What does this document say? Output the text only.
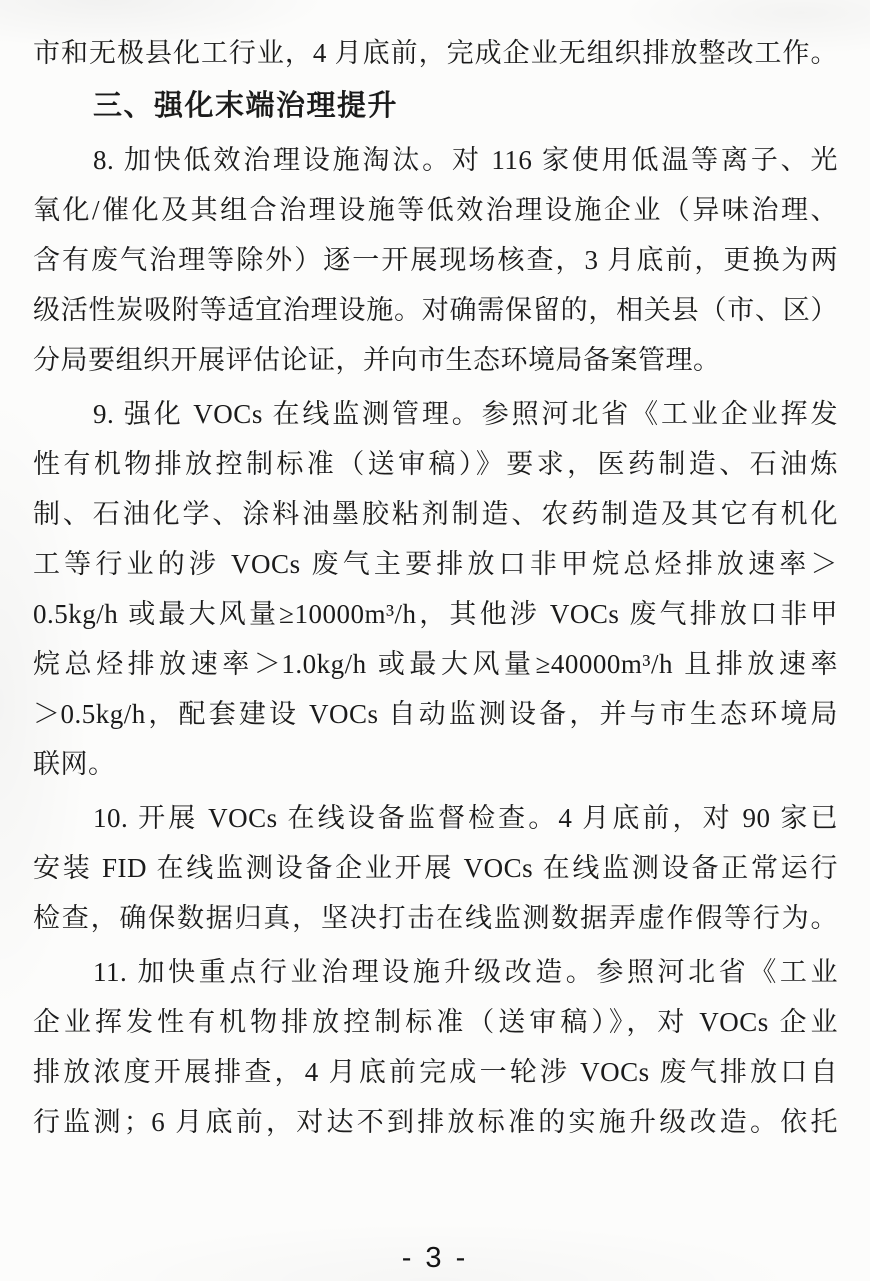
市和无极县化工行业，4 月底前，完成企业无组织排放整改工作。
三、强化末端治理提升
8. 加快低效治理设施淘汰。对 116 家使用低温等离子、光
氧化/催化及其组合治理设施等低效治理设施企业（异味治理、
含有废气治理等除外）逐一开展现场核查，3 月底前，更换为两
级活性炭吸附等适宜治理设施。对确需保留的，相关县（市、区）
分局要组织开展评估论证，并向市生态环境局备案管理。
9. 强化 VOCs 在线监测管理。参照河北省《工业企业挥发
性有机物排放控制标准（送审稿）》要求，医药制造、石油炼
制、石油化学、涂料油墨胶粘剂制造、农药制造及其它有机化
工等行业的涉 VOCs 废气主要排放口非甲烷总烃排放速率＞
0.5kg/h 或最大风量≥10000m³/h，其他涉 VOCs 废气排放口非甲
烷总烃排放速率＞1.0kg/h 或最大风量≥40000m³/h 且排放速率
＞0.5kg/h，配套建设 VOCs 自动监测设备，并与市生态环境局
联网。
10. 开展 VOCs 在线设备监督检查。4 月底前，对 90 家已
安装 FID 在线监测设备企业开展 VOCs 在线监测设备正常运行
检查，确保数据归真，坚决打击在线监测数据弄虚作假等行为。
11. 加快重点行业治理设施升级改造。参照河北省《工业
企业挥发性有机物排放控制标准（送审稿）》，对 VOCs 企业
排放浓度开展排查，4 月底前完成一轮涉 VOCs 废气排放口自
行监测；6 月底前，对达不到排放标准的实施升级改造。依托
- 3 -
